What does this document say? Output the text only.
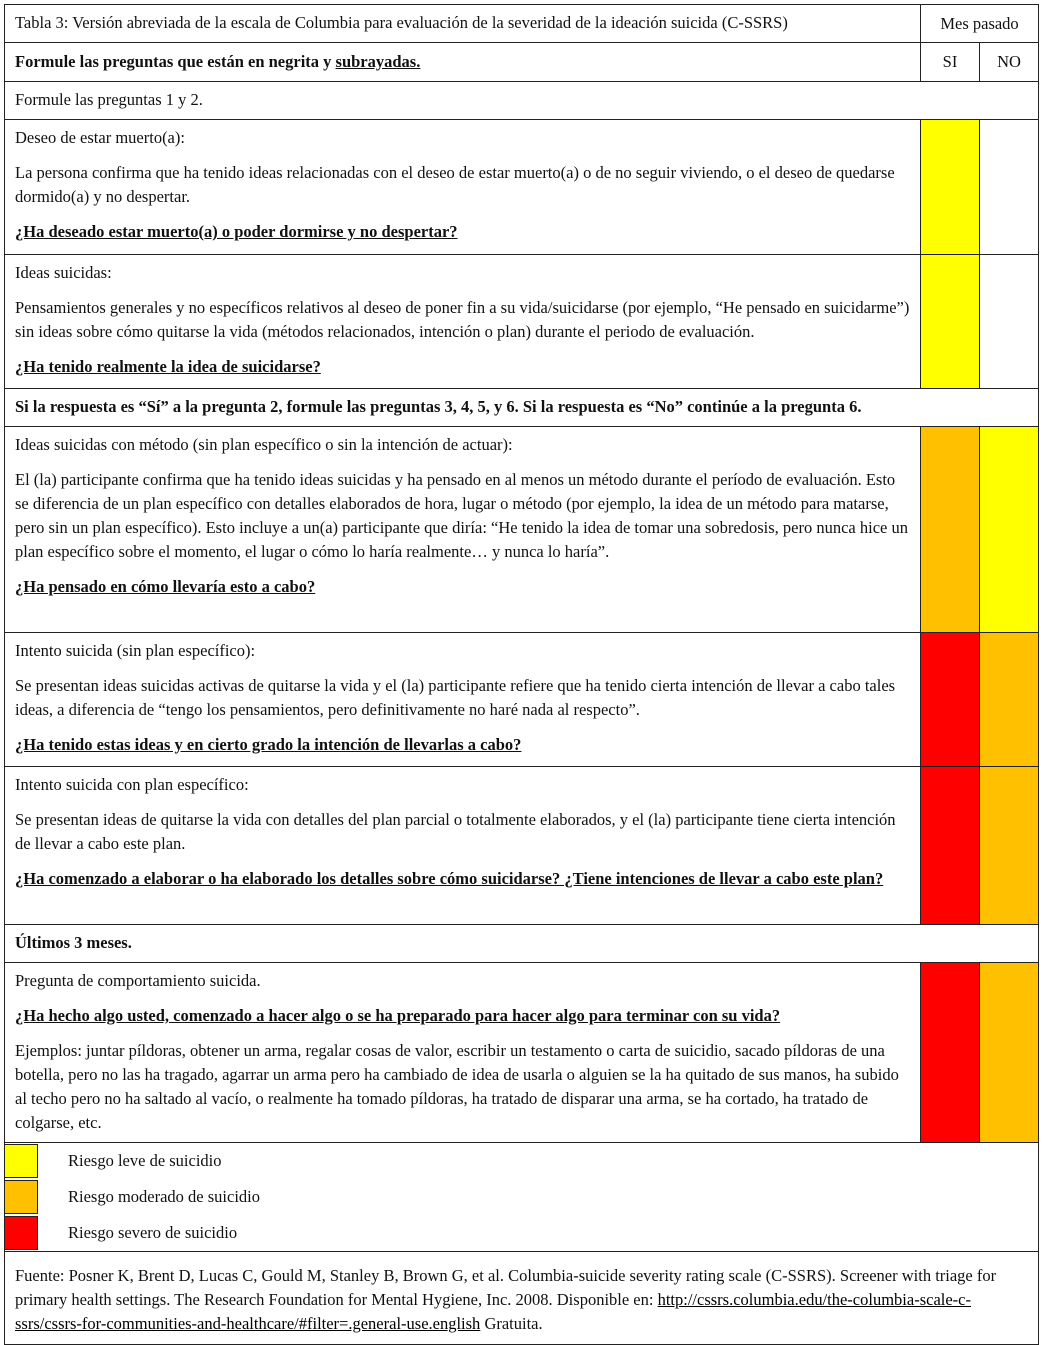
Tabla 3: Versión abreviada de la escala de Columbia para evaluación de la severidad de la ideación suicida (C-SSRS)	Mes pasado	

Formule las preguntas que están en negrita y subrayadas.	SI	NO

Formule las preguntas 1 y 2.		

Deseo de estar muerto(a):

La persona confirma que ha tenido ideas relacionadas con el deseo de estar muerto(a) o de no seguir viviendo, o el deseo de quedarse dormido(a) y no despertar.

¿Ha deseado estar muerto(a) o poder dormirse y no despertar?		

Ideas suicidas:

Pensamientos generales y no específicos relativos al deseo de poner fin a su vida/suicidarse (por ejemplo, “He pensado en suicidarme”) sin ideas sobre cómo quitarse la vida (métodos relacionados, intención o plan) durante el periodo de evaluación.

¿Ha tenido realmente la idea de suicidarse?		

Si la respuesta es “Sí” a la pregunta 2, formule las preguntas 3, 4, 5, y 6. Si la respuesta es “No” continúe a la pregunta 6.		

Ideas suicidas con método (sin plan específico o sin la intención de actuar):

El (la) participante confirma que ha tenido ideas suicidas y ha pensado en al menos un método durante el período de evaluación. Esto se diferencia de un plan específico con detalles elaborados de hora, lugar o método (por ejemplo, la idea de un método para matarse, pero sin un plan específico). Esto incluye a un(a) participante que diría: “He tenido la idea de tomar una sobredosis, pero nunca hice un plan específico sobre el momento, el lugar o cómo lo haría realmente… y nunca lo haría”.

¿Ha pensado en cómo llevaría esto a cabo?		

Intento suicida (sin plan específico):

Se presentan ideas suicidas activas de quitarse la vida y el (la) participante refiere que ha tenido cierta intención de llevar a cabo tales ideas, a diferencia de “tengo los pensamientos, pero definitivamente no haré nada al respecto”.

¿Ha tenido estas ideas y en cierto grado la intención de llevarlas a cabo?		

Intento suicida con plan específico:

Se presentan ideas de quitarse la vida con detalles del plan parcial o totalmente elaborados, y el (la) participante tiene cierta intención de llevar a cabo este plan.

¿Ha comenzado a elaborar o ha elaborado los detalles sobre cómo suicidarse? ¿Tiene intenciones de llevar a cabo este plan?		

Últimos 3 meses.		

Pregunta de comportamiento suicida.

¿Ha hecho algo usted, comenzado a hacer algo o se ha preparado para hacer algo para terminar con su vida?

Ejemplos: juntar píldoras, obtener un arma, regalar cosas de valor, escribir un testamento o carta de suicidio, sacado píldoras de una botella, pero no las ha tragado, agarrar un arma pero ha cambiado de idea de usarla o alguien se la ha quitado de sus manos, ha subido al techo pero no ha saltado al vacío, o realmente ha tomado píldoras, ha tratado de disparar una arma, se ha cortado, ha tratado de colgarse, etc.		

Riesgo leve de suicidio
Riesgo moderado de suicidio
Riesgo severo de suicidio		

Fuente: Posner K, Brent D, Lucas C, Gould M, Stanley B, Brown G, et al. Columbia-suicide severity rating scale (C-SSRS). Screener with triage for primary health settings. The Research Foundation for Mental Hygiene, Inc. 2008. Disponible en: http://cssrs.columbia.edu/the-columbia-scale-c-ssrs/cssrs-for-communities-and-healthcare/#filter=.general-use.english Gratuita.		
